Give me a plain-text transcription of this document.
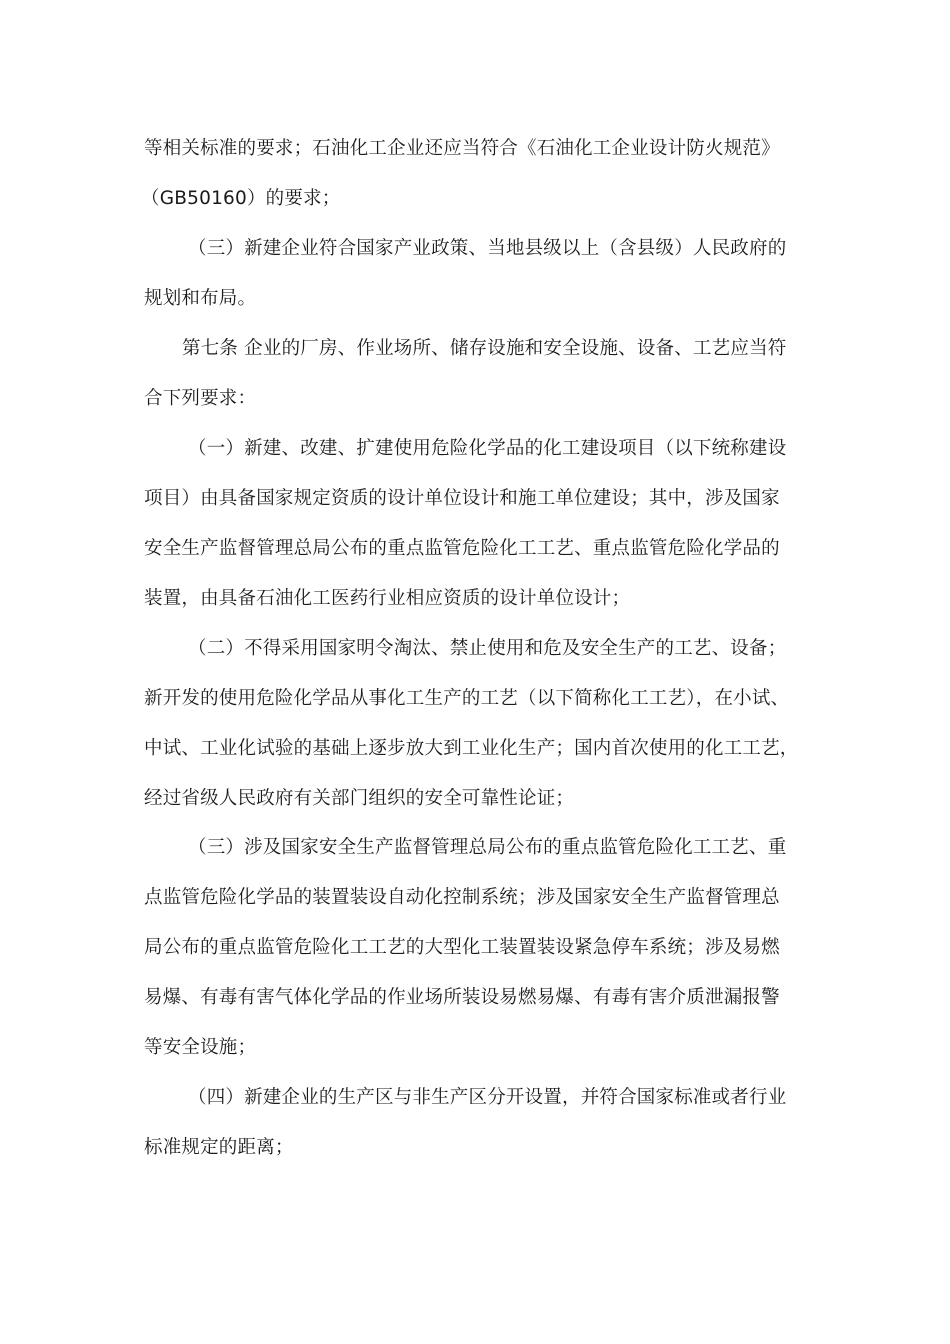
等相关标准的要求；石油化工企业还应当符合《石油化工企业设计防火规范》
（GB50160）的要求；
（三）新建企业符合国家产业政策、当地县级以上（含县级）人民政府的
规划和布局。
第七条 企业的厂房、作业场所、储存设施和安全设施、设备、工艺应当符
合下列要求：
（一）新建、改建、扩建使用危险化学品的化工建设项目（以下统称建设
项目）由具备国家规定资质的设计单位设计和施工单位建设；其中，涉及国家
安全生产监督管理总局公布的重点监管危险化工工艺、重点监管危险化学品的
装置，由具备石油化工医药行业相应资质的设计单位设计；
（二）不得采用国家明令淘汰、禁止使用和危及安全生产的工艺、设备；
新开发的使用危险化学品从事化工生产的工艺（以下简称化工工艺），在小试、
中试、工业化试验的基础上逐步放大到工业化生产；国内首次使用的化工工艺，
经过省级人民政府有关部门组织的安全可靠性论证；
（三）涉及国家安全生产监督管理总局公布的重点监管危险化工工艺、重
点监管危险化学品的装置装设自动化控制系统；涉及国家安全生产监督管理总
局公布的重点监管危险化工工艺的大型化工装置装设紧急停车系统；涉及易燃
易爆、有毒有害气体化学品的作业场所装设易燃易爆、有毒有害介质泄漏报警
等安全设施；
（四）新建企业的生产区与非生产区分开设置，并符合国家标准或者行业
标准规定的距离；
